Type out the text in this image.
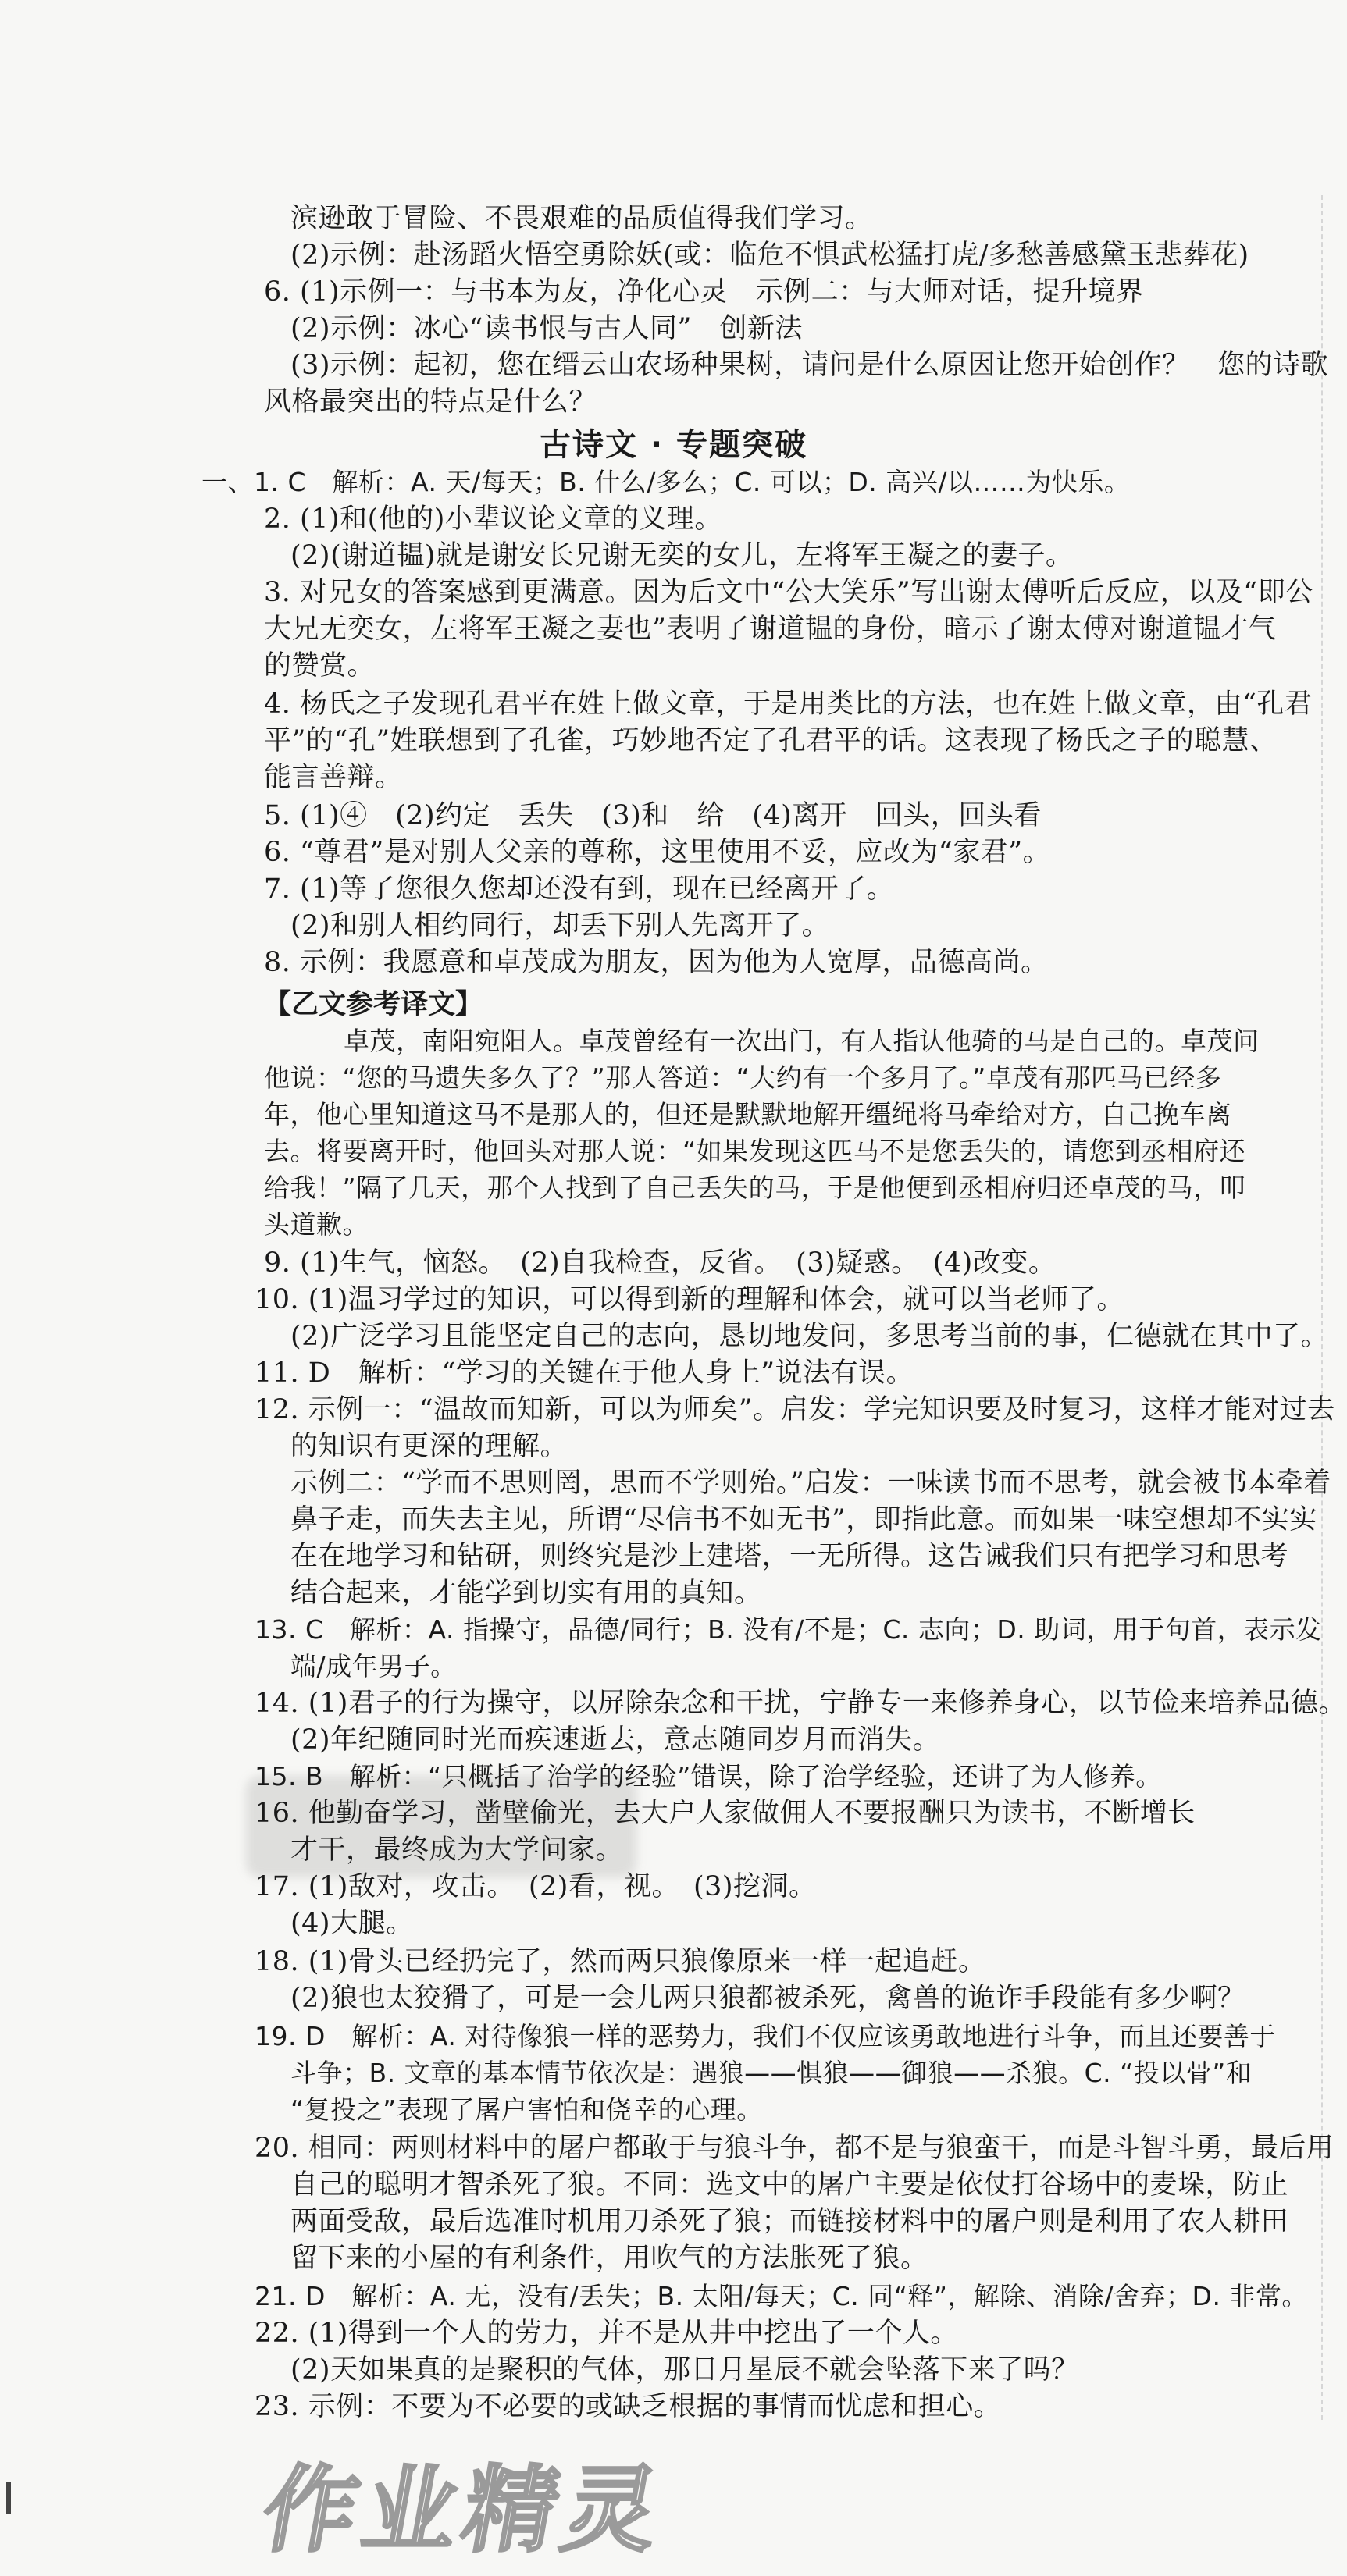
古诗文 · 专题突破
【乙文参考译文】
滨逊敢于冒险、不畏艰难的品质值得我们学习。
(2)示例：赴汤蹈火悟空勇除妖(或：临危不惧武松猛打虎/多愁善感黛玉悲葬花)
6. (1)示例一：与书本为友，净化心灵　示例二：与大师对话，提升境界
(2)示例：冰心“读书恨与古人同”　创新法
(3)示例：起初，您在缙云山农场种果树，请问是什么原因让您开始创作？　您的诗歌
风格最突出的特点是什么？
一、1. C　解析：A. 天/每天；B. 什么/多么；C. 可以；D. 高兴/以……为快乐。
2. (1)和(他的)小辈议论文章的义理。
(2)(谢道韫)就是谢安长兄谢无奕的女儿，左将军王凝之的妻子。
3. 对兄女的答案感到更满意。因为后文中“公大笑乐”写出谢太傅听后反应，以及“即公
大兄无奕女，左将军王凝之妻也”表明了谢道韫的身份，暗示了谢太傅对谢道韫才气
的赞赏。
4. 杨氏之子发现孔君平在姓上做文章，于是用类比的方法，也在姓上做文章，由“孔君
平”的“孔”姓联想到了孔雀，巧妙地否定了孔君平的话。这表现了杨氏之子的聪慧、
能言善辩。
5. (1)④　(2)约定　丢失　(3)和　给　(4)离开　回头，回头看
6. “尊君”是对别人父亲的尊称，这里使用不妥，应改为“家君”。
7. (1)等了您很久您却还没有到，现在已经离开了。
(2)和别人相约同行，却丢下别人先离开了。
8. 示例：我愿意和卓茂成为朋友，因为他为人宽厚，品德高尚。
卓茂，南阳宛阳人。卓茂曾经有一次出门，有人指认他骑的马是自己的。卓茂问
他说：“您的马遗失多久了？”那人答道：“大约有一个多月了。”卓茂有那匹马已经多
年，他心里知道这马不是那人的，但还是默默地解开缰绳将马牵给对方，自己挽车离
去。将要离开时，他回头对那人说：“如果发现这匹马不是您丢失的，请您到丞相府还
给我！”隔了几天，那个人找到了自己丢失的马，于是他便到丞相府归还卓茂的马，叩
头道歉。
9. (1)生气，恼怒。　(2)自我检查，反省。　(3)疑惑。　(4)改变。
10. (1)温习学过的知识，可以得到新的理解和体会，就可以当老师了。
(2)广泛学习且能坚定自己的志向，恳切地发问，多思考当前的事，仁德就在其中了。
11. D　解析：“学习的关键在于他人身上”说法有误。
12. 示例一：“温故而知新，可以为师矣”。启发：学完知识要及时复习，这样才能对过去
的知识有更深的理解。
示例二：“学而不思则罔，思而不学则殆。”启发：一味读书而不思考，就会被书本牵着
鼻子走，而失去主见，所谓“尽信书不如无书”，即指此意。而如果一味空想却不实实
在在地学习和钻研，则终究是沙上建塔，一无所得。这告诫我们只有把学习和思考
结合起来，才能学到切实有用的真知。
13. C　解析：A. 指操守，品德/同行；B. 没有/不是；C. 志向；D. 助词，用于句首，表示发
端/成年男子。
14. (1)君子的行为操守，以屏除杂念和干扰，宁静专一来修养身心，以节俭来培养品德。
(2)年纪随同时光而疾速逝去，意志随同岁月而消失。
15. B　解析：“只概括了治学的经验”错误，除了治学经验，还讲了为人修养。
16. 他勤奋学习，凿壁偷光，去大户人家做佣人不要报酬只为读书，不断增长
才干，最终成为大学问家。
17. (1)敌对，攻击。　(2)看，视。　(3)挖洞。
(4)大腿。
18. (1)骨头已经扔完了，然而两只狼像原来一样一起追赶。
(2)狼也太狡猾了，可是一会儿两只狼都被杀死，禽兽的诡诈手段能有多少啊？
19. D　解析：A. 对待像狼一样的恶势力，我们不仅应该勇敢地进行斗争，而且还要善于
斗争；B. 文章的基本情节依次是：遇狼——惧狼——御狼——杀狼。C. “投以骨”和
“复投之”表现了屠户害怕和侥幸的心理。
20. 相同：两则材料中的屠户都敢于与狼斗争，都不是与狼蛮干，而是斗智斗勇，最后用
自己的聪明才智杀死了狼。不同：选文中的屠户主要是依仗打谷场中的麦垛，防止
两面受敌，最后选准时机用刀杀死了狼；而链接材料中的屠户则是利用了农人耕田
留下来的小屋的有利条件，用吹气的方法胀死了狼。
21. D　解析：A. 无，没有/丢失；B. 太阳/每天；C. 同“释”，解除、消除/舍弃；D. 非常。
22. (1)得到一个人的劳力，并不是从井中挖出了一个人。
(2)天如果真的是聚积的气体，那日月星辰不就会坠落下来了吗？
23. 示例：不要为不必要的或缺乏根据的事情而忧虑和担心。
作业精灵
